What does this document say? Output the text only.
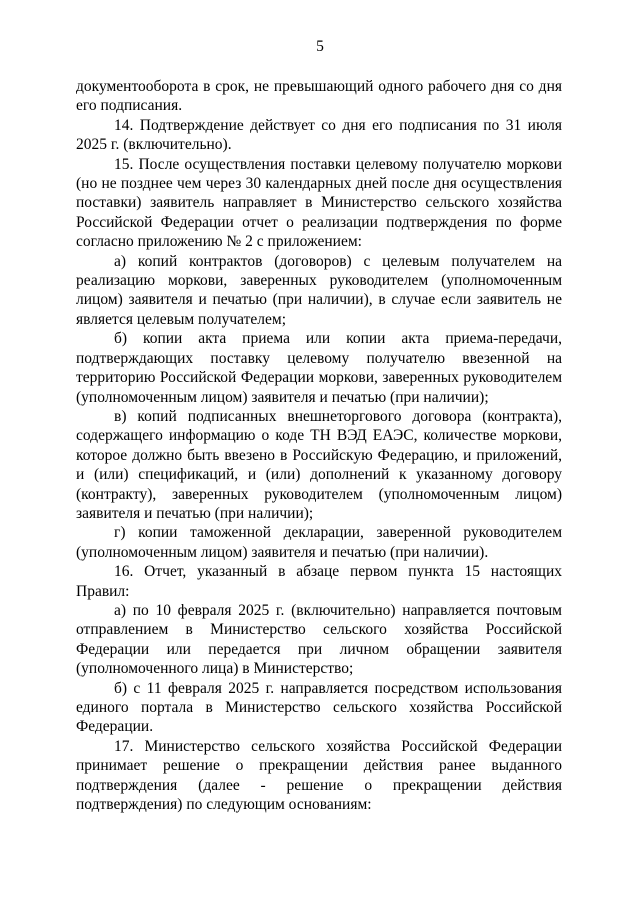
5

документооборота в срок, не превышающий одного рабочего дня со дня его подписания.

14. Подтверждение действует со дня его подписания по 31 июля 2025 г. (включительно).

15. После осуществления поставки целевому получателю моркови (но не позднее чем через 30 календарных дней после дня осуществления поставки) заявитель направляет в Министерство сельского хозяйства Российской Федерации отчет о реализации подтверждения по форме согласно приложению № 2 с приложением:

а) копий контрактов (договоров) с целевым получателем на реализацию моркови, заверенных руководителем (уполномоченным лицом) заявителя и печатью (при наличии), в случае если заявитель не является целевым получателем;

б) копии акта приема или копии акта приема-передачи, подтверждающих поставку целевому получателю ввезенной на территорию Российской Федерации моркови, заверенных руководителем (уполномоченным лицом) заявителя и печатью (при наличии);

в) копий подписанных внешнеторгового договора (контракта), содержащего информацию о коде ТН ВЭД ЕАЭС, количестве моркови, которое должно быть ввезено в Российскую Федерацию, и приложений, и (или) спецификаций, и (или) дополнений к указанному договору (контракту), заверенных руководителем (уполномоченным лицом) заявителя и печатью (при наличии);

г) копии таможенной декларации, заверенной руководителем (уполномоченным лицом) заявителя и печатью (при наличии).

16. Отчет, указанный в абзаце первом пункта 15 настоящих Правил:

а) по 10 февраля 2025 г. (включительно) направляется почтовым отправлением в Министерство сельского хозяйства Российской Федерации или передается при личном обращении заявителя (уполномоченного лица) в Министерство;

б) с 11 февраля 2025 г. направляется посредством использования единого портала в Министерство сельского хозяйства Российской Федерации.

17. Министерство сельского хозяйства Российской Федерации принимает решение о прекращении действия ранее выданного подтверждения (далее - решение о прекращении действия подтверждения) по следующим основаниям:
